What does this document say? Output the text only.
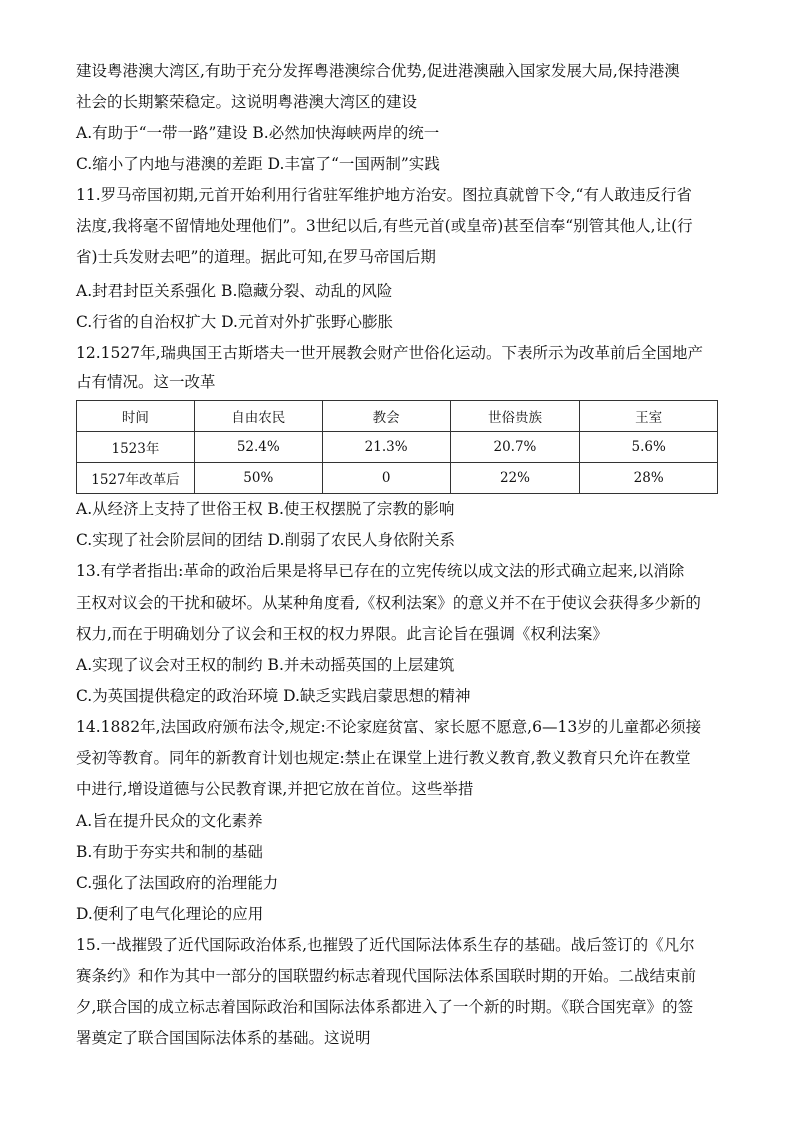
建设粤港澳大湾区,有助于充分发挥粤港澳综合优势,促进港澳融入国家发展大局,保持港澳
社会的长期繁荣稳定。这说明粤港澳大湾区的建设
A.有助于“一带一路”建设 B.必然加快海峡两岸的统一
C.缩小了内地与港澳的差距 D.丰富了“一国两制”实践
11.罗马帝国初期,元首开始利用行省驻军维护地方治安。图拉真就曾下令,“有人敢违反行省
法度,我将毫不留情地处理他们”。3世纪以后,有些元首(或皇帝)甚至信奉“别管其他人,让(行
省)士兵发财去吧”的道理。据此可知,在罗马帝国后期
A.封君封臣关系强化 B.隐藏分裂、动乱的风险
C.行省的自治权扩大 D.元首对外扩张野心膨胀
12.1527年,瑞典国王古斯塔夫一世开展教会财产世俗化运动。下表所示为改革前后全国地产
占有情况。这一改革
时间	自由农民	教会	世俗贵族	王室
1523年	52.4%	21.3%	20.7%	5.6%
1527年改革后	50%	0	22%	28%
A.从经济上支持了世俗王权 B.使王权摆脱了宗教的影响
C.实现了社会阶层间的团结 D.削弱了农民人身依附关系
13.有学者指出:革命的政治后果是将早已存在的立宪传统以成文法的形式确立起来,以消除
王权对议会的干扰和破坏。从某种角度看,《权利法案》的意义并不在于使议会获得多少新的
权力,而在于明确划分了议会和王权的权力界限。此言论旨在强调《权利法案》
A.实现了议会对王权的制约 B.并未动摇英国的上层建筑
C.为英国提供稳定的政治环境 D.缺乏实践启蒙思想的精神
14.1882年,法国政府颁布法令,规定:不论家庭贫富、家长愿不愿意,6—13岁的儿童都必须接
受初等教育。同年的新教育计划也规定:禁止在课堂上进行教义教育,教义教育只允许在教堂
中进行,增设道德与公民教育课,并把它放在首位。这些举措
A.旨在提升民众的文化素养
B.有助于夯实共和制的基础
C.强化了法国政府的治理能力
D.便利了电气化理论的应用
15.一战摧毁了近代国际政治体系,也摧毁了近代国际法体系生存的基础。战后签订的《凡尔
赛条约》和作为其中一部分的国联盟约标志着现代国际法体系国联时期的开始。二战结束前
夕,联合国的成立标志着国际政治和国际法体系都进入了一个新的时期。《联合国宪章》的签
署奠定了联合国国际法体系的基础。这说明
